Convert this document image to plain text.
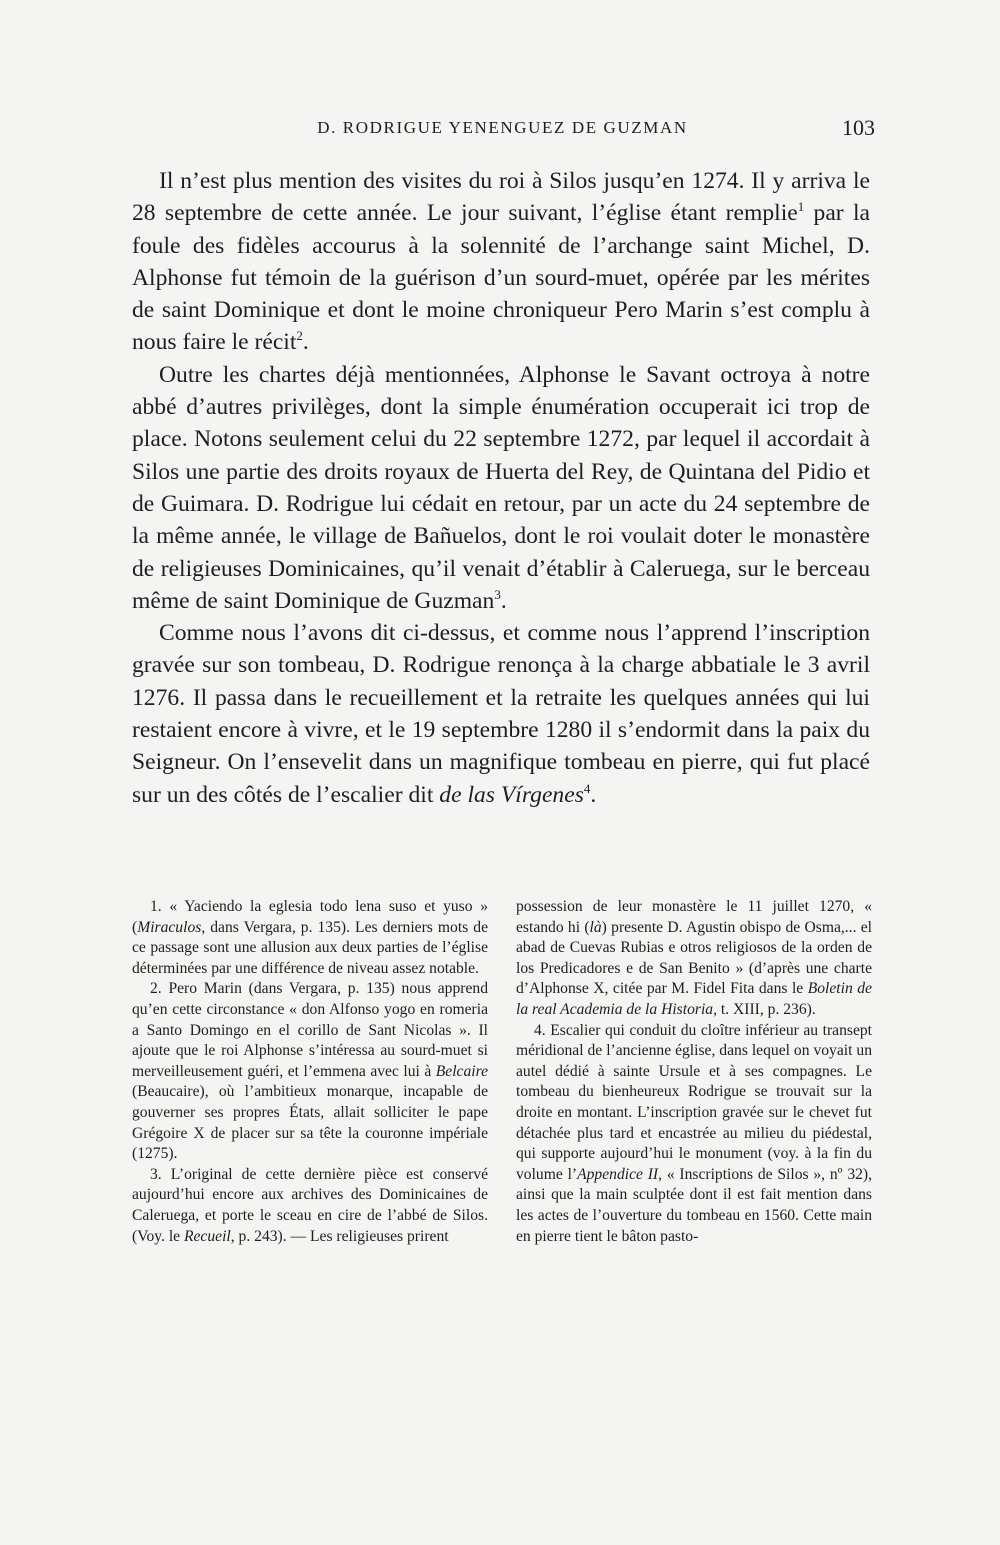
D. RODRIGUE YENENGUEZ DE GUZMAN	103

Il n’est plus mention des visites du roi à Silos jusqu’en 1274. Il y arriva le 28 septembre de cette année. Le jour suivant, l’église étant remplie$^1$ par la foule des fidèles accourus à la solennité de l’archange saint Michel, D. Alphonse fut témoin de la guérison d’un sourd-muet, opérée par les mérites de saint Dominique et dont le moine chroniqueur Pero Marin s’est complu à nous faire le récit$^2$.

Outre les chartes déjà mentionnées, Alphonse le Savant octroya à notre abbé d’autres privilèges, dont la simple énumération occuperait ici trop de place. Notons seulement celui du 22 septembre 1272, par lequel il accordait à Silos une partie des droits royaux de Huerta del Rey, de Quintana del Pidio et de Guimara. D. Rodrigue lui cédait en retour, par un acte du 24 septembre de la même année, le village de Bañuelos, dont le roi voulait doter le monastère de religieuses Dominicaines, qu’il venait d’établir à Caleruega, sur le berceau même de saint Dominique de Guzman$^3$.

Comme nous l’avons dit ci-dessus, et comme nous l’apprend l’inscription gravée sur son tombeau, D. Rodrigue renonça à la charge abbatiale le 3 avril 1276. Il passa dans le recueillement et la retraite les quelques années qui lui restaient encore à vivre, et le 19 septembre 1280 il s’endormit dans la paix du Seigneur. On l’ensevelit dans un magnifique tombeau en pierre, qui fut placé sur un des côtés de l’escalier dit de las Vírgenes$^4$.

1. « Yaciendo la eglesia todo lena suso et yuso » (Miraculos, dans Vergara, p. 135). Les derniers mots de ce passage sont une allusion aux deux parties de l’église déterminées par une différence de niveau assez notable.

2. Pero Marin (dans Vergara, p. 135) nous apprend qu’en cette circonstance « don Alfonso yogo en romeria a Santo Domingo en el corillo de Sant Nicolas ». Il ajoute que le roi Alphonse s’intéressa au sourd-muet si merveilleusement guéri, et l’emmena avec lui à Belcaire (Beaucaire), où l’ambitieux monarque, incapable de gouverner ses propres États, allait solliciter le pape Grégoire X de placer sur sa tête la couronne impériale (1275).

3. L’original de cette dernière pièce est conservé aujourd’hui encore aux archives des Dominicaines de Caleruega, et porte le sceau en cire de l’abbé de Silos. (Voy. le Recueil, p. 243). — Les religieuses prirent

possession de leur monastère le 11 juillet 1270, « estando hi (là) presente D. Agustin obispo de Osma,... el abad de Cuevas Rubias e otros religiosos de la orden de los Predicadores e de San Benito » (d’après une charte d’Alphonse X, citée par M. Fidel Fita dans le Boletin de la real Academia de la Historia, t. XIII, p. 236).

4. Escalier qui conduit du cloître inférieur au transept méridional de l’ancienne église, dans lequel on voyait un autel dédié à sainte Ursule et à ses compagnes. Le tombeau du bienheureux Rodrigue se trouvait sur la droite en montant. L’inscription gravée sur le chevet fut détachée plus tard et encastrée au milieu du piédestal, qui supporte aujourd’hui le monument (voy. à la fin du volume l’Appendice II, « Inscriptions de Silos », nº 32), ainsi que la main sculptée dont il est fait mention dans les actes de l’ouverture du tombeau en 1560. Cette main en pierre tient le bâton pasto-
